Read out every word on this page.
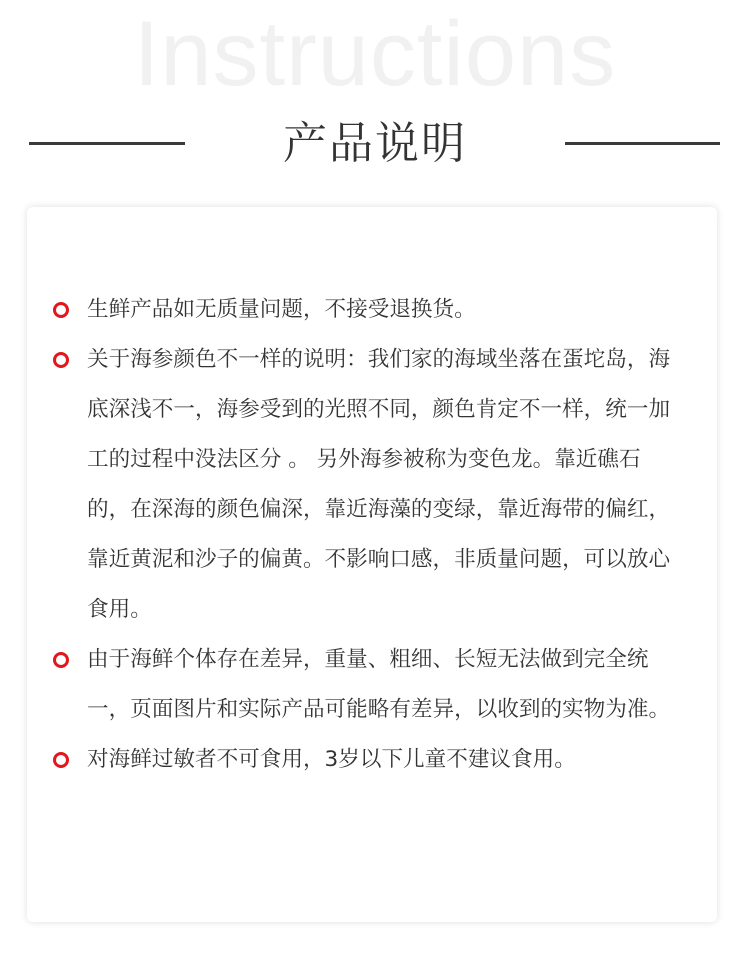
Instructions
产品说明
生鲜产品如无质量问题，不接受退换货。
关于海参颜色不一样的说明：我们家的海域坐落在蛋坨岛，海底深浅不一，海参受到的光照不同，颜色肯定不一样，统一加工的过程中没法区分 。 另外海参被称为变色龙。靠近礁石的，在深海的颜色偏深，靠近海藻的变绿，靠近海带的偏红，靠近黄泥和沙子的偏黄。不影响口感，非质量问题，可以放心食用。
由于海鲜个体存在差异，重量、粗细、长短无法做到完全统一，页面图片和实际产品可能略有差异，以收到的实物为准。
对海鲜过敏者不可食用，3岁以下儿童不建议食用。
